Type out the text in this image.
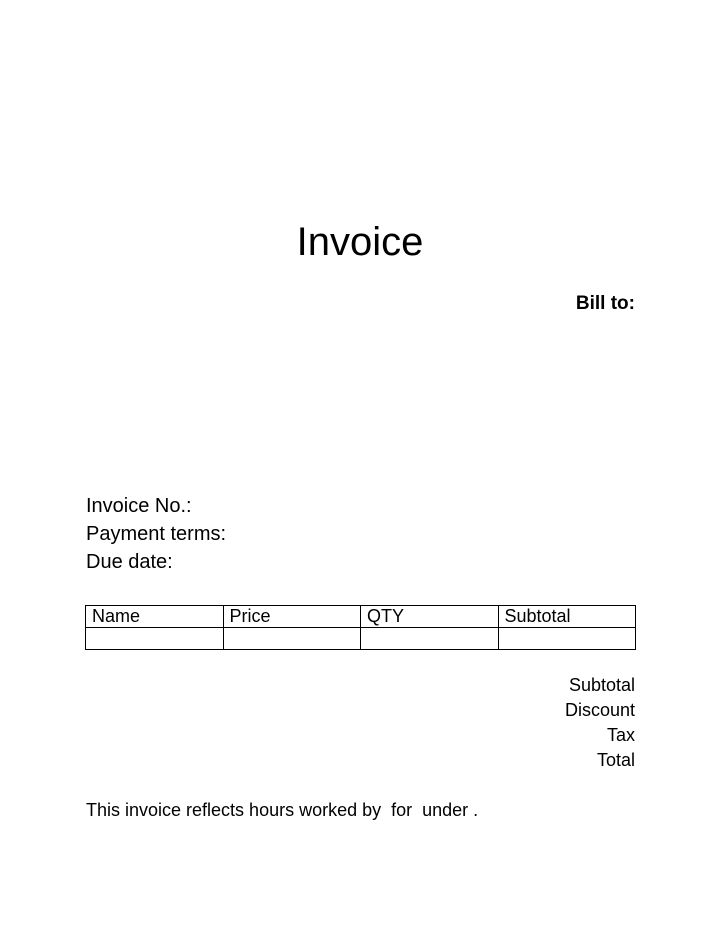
Invoice
Bill to:
Invoice No.:
Payment terms:
Due date:
Name	Price	QTY	Subtotal

Subtotal
Discount
Tax
Total
This invoice reflects hours worked by  for  under .
